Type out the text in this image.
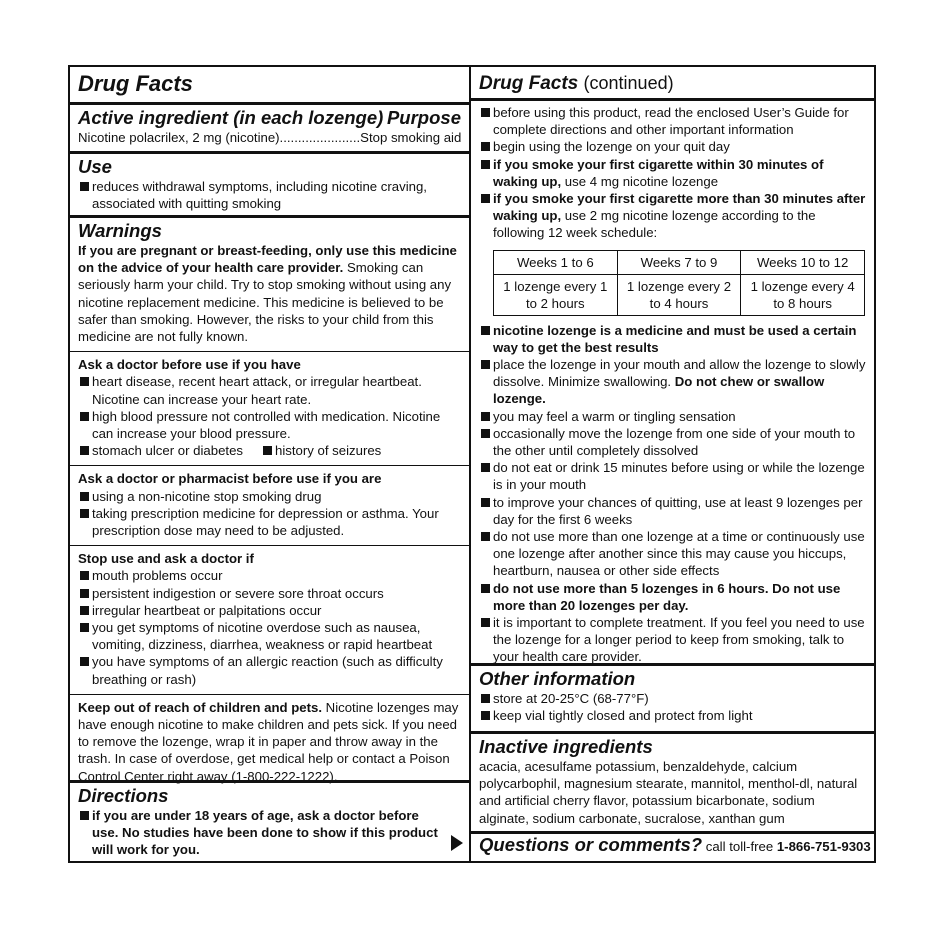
Drug Facts
Active ingredient (in each lozenge) Purpose
Nicotine polacrilex, 2 mg (nicotine)......................Stop smoking aid
Use
reduces withdrawal symptoms, including nicotine craving, associated with quitting smoking
Warnings
If you are pregnant or breast-feeding, only use this medicine on the advice of your health care provider. Smoking can seriously harm your child. Try to stop smoking without using any nicotine replacement medicine. This medicine is believed to be safer than smoking. However, the risks to your child from this medicine are not fully known.
Ask a doctor before use if you have
heart disease, recent heart attack, or irregular heartbeat. Nicotine can increase your heart rate.
high blood pressure not controlled with medication. Nicotine can increase your blood pressure.
stomach ulcer or diabetes	history of seizures
Ask a doctor or pharmacist before use if you are
using a non-nicotine stop smoking drug
taking prescription medicine for depression or asthma. Your prescription dose may need to be adjusted.
Stop use and ask a doctor if
mouth problems occur
persistent indigestion or severe sore throat occurs
irregular heartbeat or palpitations occur
you get symptoms of nicotine overdose such as nausea, vomiting, dizziness, diarrhea, weakness or rapid heartbeat
you have symptoms of an allergic reaction (such as difficulty breathing or rash)
Keep out of reach of children and pets. Nicotine lozenges may have enough nicotine to make children and pets sick. If you need to remove the lozenge, wrap it in paper and throw away in the trash. In case of overdose, get medical help or contact a Poison Control Center right away (1-800-222-1222).
Directions
if you are under 18 years of age, ask a doctor before use. No studies have been done to show if this product will work for you.
Drug Facts (continued)
before using this product, read the enclosed User’s Guide for complete directions and other important information
begin using the lozenge on your quit day
if you smoke your first cigarette within 30 minutes of waking up, use 4 mg nicotine lozenge
if you smoke your first cigarette more than 30 minutes after waking up, use 2 mg nicotine lozenge according to the following 12 week schedule:
Weeks 1 to 6	Weeks 7 to 9	Weeks 10 to 12
1 lozenge every 1 to 2 hours	1 lozenge every 2 to 4 hours	1 lozenge every 4 to 8 hours
nicotine lozenge is a medicine and must be used a certain way to get the best results
place the lozenge in your mouth and allow the lozenge to slowly dissolve. Minimize swallowing. Do not chew or swallow lozenge.
you may feel a warm or tingling sensation
occasionally move the lozenge from one side of your mouth to the other until completely dissolved
do not eat or drink 15 minutes before using or while the lozenge is in your mouth
to improve your chances of quitting, use at least 9 lozenges per day for the first 6 weeks
do not use more than one lozenge at a time or continuously use one lozenge after another since this may cause you hiccups, heartburn, nausea or other side effects
do not use more than 5 lozenges in 6 hours. Do not use more than 20 lozenges per day.
it is important to complete treatment. If you feel you need to use the lozenge for a longer period to keep from smoking, talk to your health care provider.
Other information
store at 20-25°C (68-77°F)
keep vial tightly closed and protect from light
Inactive ingredients
acacia, acesulfame potassium, benzaldehyde, calcium polycarbophil, magnesium stearate, mannitol, menthol-dl, natural and artificial cherry flavor, potassium bicarbonate, sodium alginate, sodium carbonate, sucralose, xanthan gum
Questions or comments? call toll-free 1-866-751-9303
